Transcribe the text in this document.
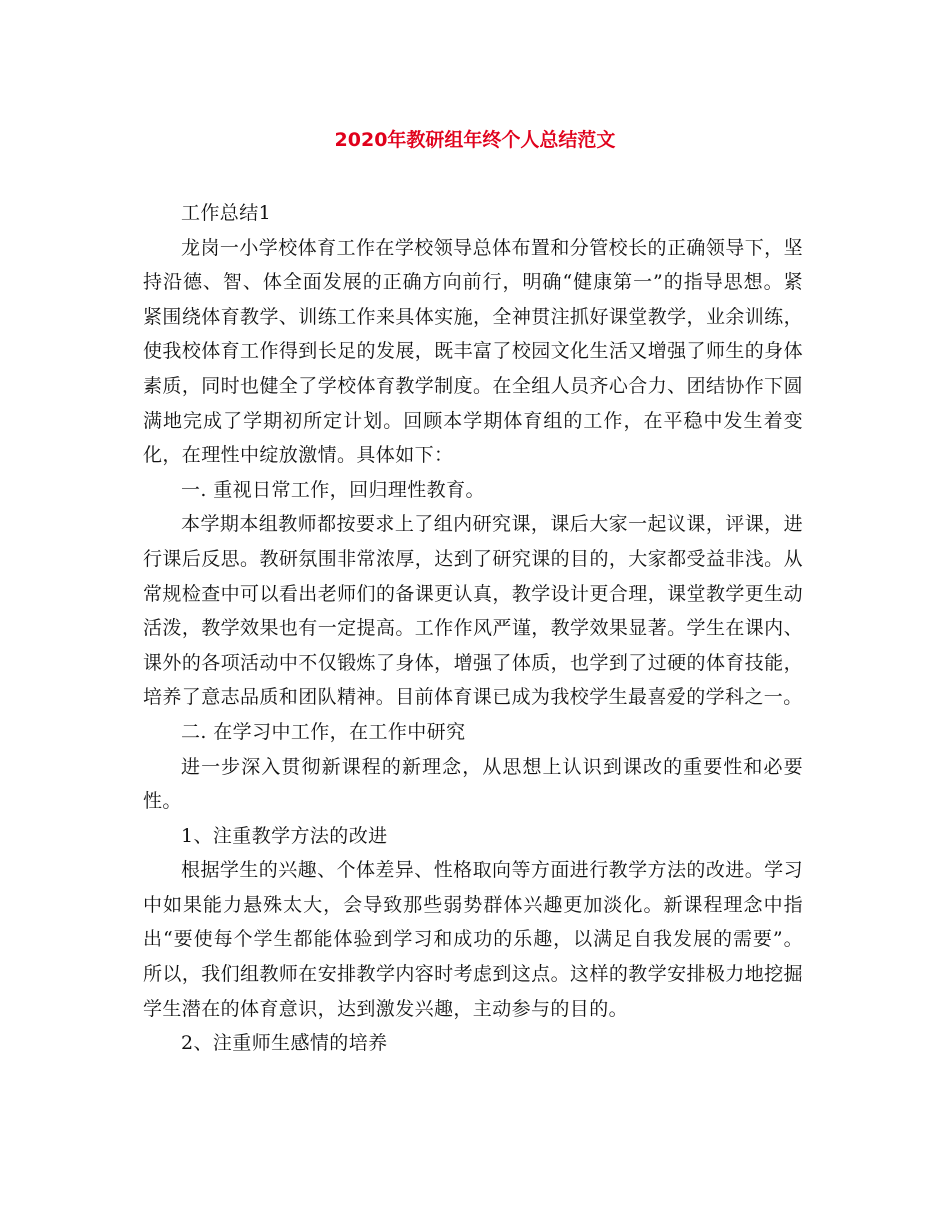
2020年教研组年终个人总结范文

工作总结1

龙岗一小学校体育工作在学校领导总体布置和分管校长的正确领导下，坚持沿德、智、体全面发展的正确方向前行，明确“健康第一”的指导思想。紧紧围绕体育教学、训练工作来具体实施，全神贯注抓好课堂教学，业余训练，使我校体育工作得到长足的发展，既丰富了校园文化生活又增强了师生的身体素质，同时也健全了学校体育教学制度。在全组人员齐心合力、团结协作下圆满地完成了学期初所定计划。回顾本学期体育组的工作，在平稳中发生着变化，在理性中绽放激情。具体如下：

一. 重视日常工作，回归理性教育。

本学期本组教师都按要求上了组内研究课，课后大家一起议课，评课，进行课后反思。教研氛围非常浓厚，达到了研究课的目的，大家都受益非浅。从常规检查中可以看出老师们的备课更认真，教学设计更合理，课堂教学更生动活泼，教学效果也有一定提高。工作作风严谨，教学效果显著。学生在课内、课外的各项活动中不仅锻炼了身体，增强了体质，也学到了过硬的体育技能，培养了意志品质和团队精神。目前体育课已成为我校学生最喜爱的学科之一。

二. 在学习中工作，在工作中研究

进一步深入贯彻新课程的新理念，从思想上认识到课改的重要性和必要性。

1、注重教学方法的改进

根据学生的兴趣、个体差异、性格取向等方面进行教学方法的改进。学习中如果能力悬殊太大，会导致那些弱势群体兴趣更加淡化。新课程理念中指出“要使每个学生都能体验到学习和成功的乐趣，以满足自我发展的需要”。所以，我们组教师在安排教学内容时考虑到这点。这样的教学安排极力地挖掘学生潜在的体育意识，达到激发兴趣，主动参与的目的。

2、注重师生感情的培养
